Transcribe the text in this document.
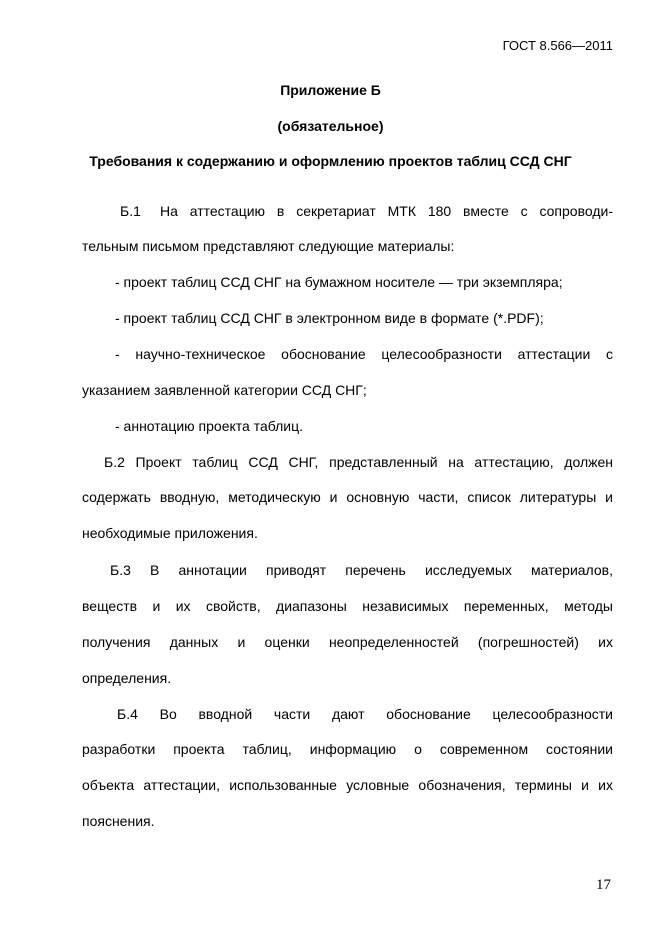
ГОСТ 8.566—2011
Приложение Б
(обязательное)
Требования к содержанию и оформлению проектов таблиц ССД СНГ
Б.1 На аттестацию в секретариат МТК 180 вместе с сопроводи-
тельным письмом представляют следующие материалы:
- проект таблиц ССД СНГ на бумажном носителе — три экземпляра;
- проект таблиц ССД СНГ в электронном виде в формате (*.PDF);
- научно-техническое обоснование целесообразности аттестации с
указанием заявленной категории ССД СНГ;
- аннотацию проекта таблиц.
Б.2 Проект таблиц ССД СНГ, представленный на аттестацию, должен
содержать вводную, методическую и основную части, список литературы и
необходимые приложения.
Б.3 В аннотации приводят перечень исследуемых материалов,
веществ и их свойств, диапазоны независимых переменных, методы
получения данных и оценки неопределенностей (погрешностей) их
определения.
Б.4 Во вводной части дают обоснование целесообразности
разработки проекта таблиц, информацию о современном состоянии
объекта аттестации, использованные условные обозначения, термины и их
пояснения.
17
